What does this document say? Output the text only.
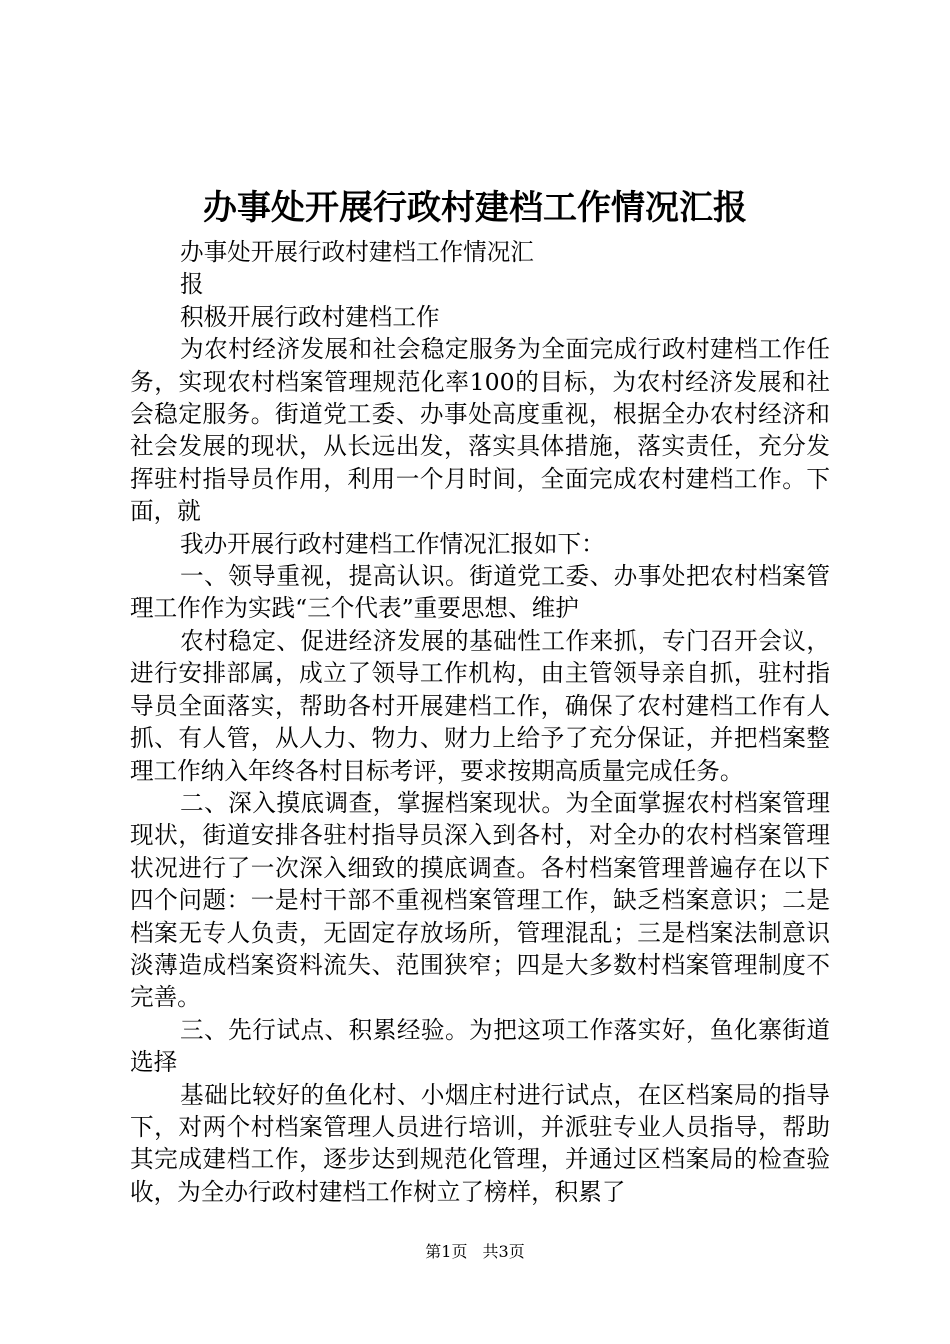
办事处开展行政村建档工作情况汇报

办事处开展行政村建档工作情况汇

报

积极开展行政村建档工作

为农村经济发展和社会稳定服务为全面完成行政村建档工作任务，实现农村档案管理规范化率100的目标，为农村经济发展和社会稳定服务。街道党工委、办事处高度重视，根据全办农村经济和社会发展的现状，从长远出发，落实具体措施，落实责任，充分发挥驻村指导员作用，利用一个月时间，全面完成农村建档工作。下面，就

我办开展行政村建档工作情况汇报如下：

一、领导重视，提高认识。街道党工委、办事处把农村档案管理工作作为实践“三个代表”重要思想、维护

农村稳定、促进经济发展的基础性工作来抓，专门召开会议，进行安排部属，成立了领导工作机构，由主管领导亲自抓，驻村指导员全面落实，帮助各村开展建档工作，确保了农村建档工作有人抓、有人管，从人力、物力、财力上给予了充分保证，并把档案整理工作纳入年终各村目标考评，要求按期高质量完成任务。

二、深入摸底调查，掌握档案现状。为全面掌握农村档案管理现状，街道安排各驻村指导员深入到各村，对全办的农村档案管理状况进行了一次深入细致的摸底调查。各村档案管理普遍存在以下四个问题：一是村干部不重视档案管理工作，缺乏档案意识；二是档案无专人负责，无固定存放场所，管理混乱；三是档案法制意识淡薄造成档案资料流失、范围狭窄；四是大多数村档案管理制度不完善。

三、先行试点、积累经验。为把这项工作落实好，鱼化寨街道选择

基础比较好的鱼化村、小烟庄村进行试点，在区档案局的指导下，对两个村档案管理人员进行培训，并派驻专业人员指导，帮助其完成建档工作，逐步达到规范化管理，并通过区档案局的检查验收，为全办行政村建档工作树立了榜样，积累了

第1页 共3页
